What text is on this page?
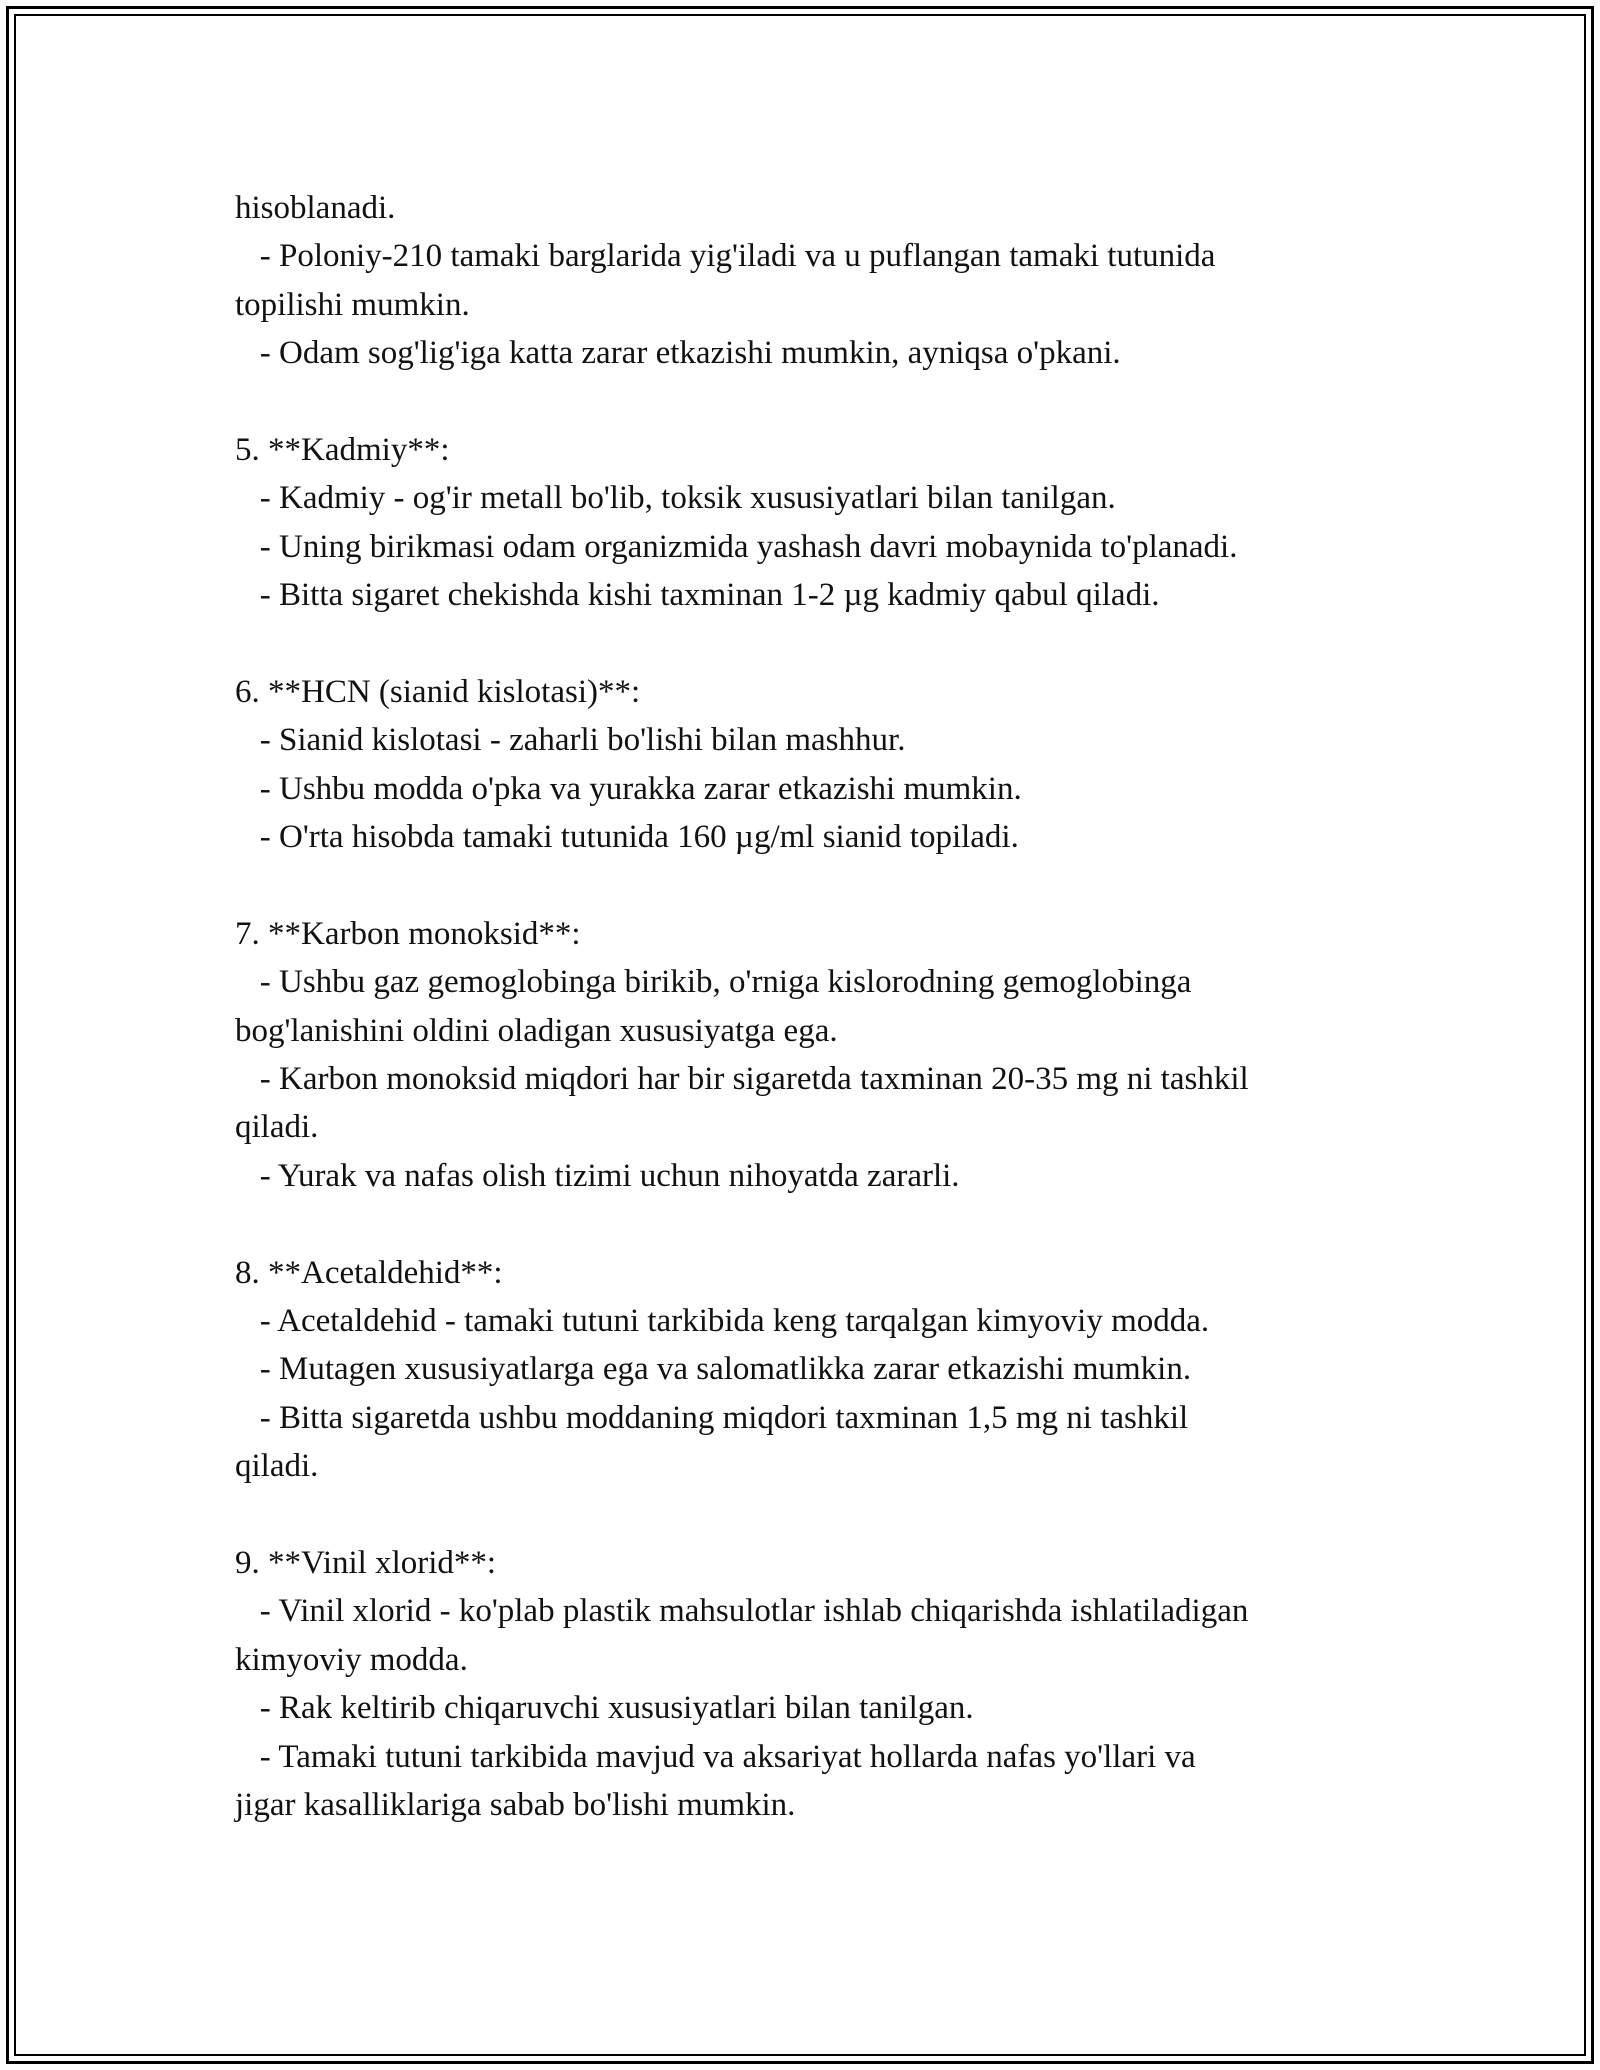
hisoblanadi.
- Poloniy-210 tamaki barglarida yig'iladi va u puflangan tamaki tutunida
topilishi mumkin.
- Odam sog'lig'iga katta zarar etkazishi mumkin, ayniqsa o'pkani.
5. **Kadmiy**:
- Kadmiy - og'ir metall bo'lib, toksik xususiyatlari bilan tanilgan.
- Uning birikmasi odam organizmida yashash davri mobaynida to'planadi.
- Bitta sigaret chekishda kishi taxminan 1-2 µg kadmiy qabul qiladi.
6. **HCN (sianid kislotasi)**:
- Sianid kislotasi - zaharli bo'lishi bilan mashhur.
- Ushbu modda o'pka va yurakka zarar etkazishi mumkin.
- O'rta hisobda tamaki tutunida 160 µg/ml sianid topiladi.
7. **Karbon monoksid**:
- Ushbu gaz gemoglobinga birikib, o'rniga kislorodning gemoglobinga
bog'lanishini oldini oladigan xususiyatga ega.
- Karbon monoksid miqdori har bir sigaretda taxminan 20-35 mg ni tashkil
qiladi.
- Yurak va nafas olish tizimi uchun nihoyatda zararli.
8. **Acetaldehid**:
- Acetaldehid - tamaki tutuni tarkibida keng tarqalgan kimyoviy modda.
- Mutagen xususiyatlarga ega va salomatlikka zarar etkazishi mumkin.
- Bitta sigaretda ushbu moddaning miqdori taxminan 1,5 mg ni tashkil
qiladi.
9. **Vinil xlorid**:
- Vinil xlorid - ko'plab plastik mahsulotlar ishlab chiqarishda ishlatiladigan
kimyoviy modda.
- Rak keltirib chiqaruvchi xususiyatlari bilan tanilgan.
- Tamaki tutuni tarkibida mavjud va aksariyat hollarda nafas yo'llari va
jigar kasalliklariga sabab bo'lishi mumkin.
